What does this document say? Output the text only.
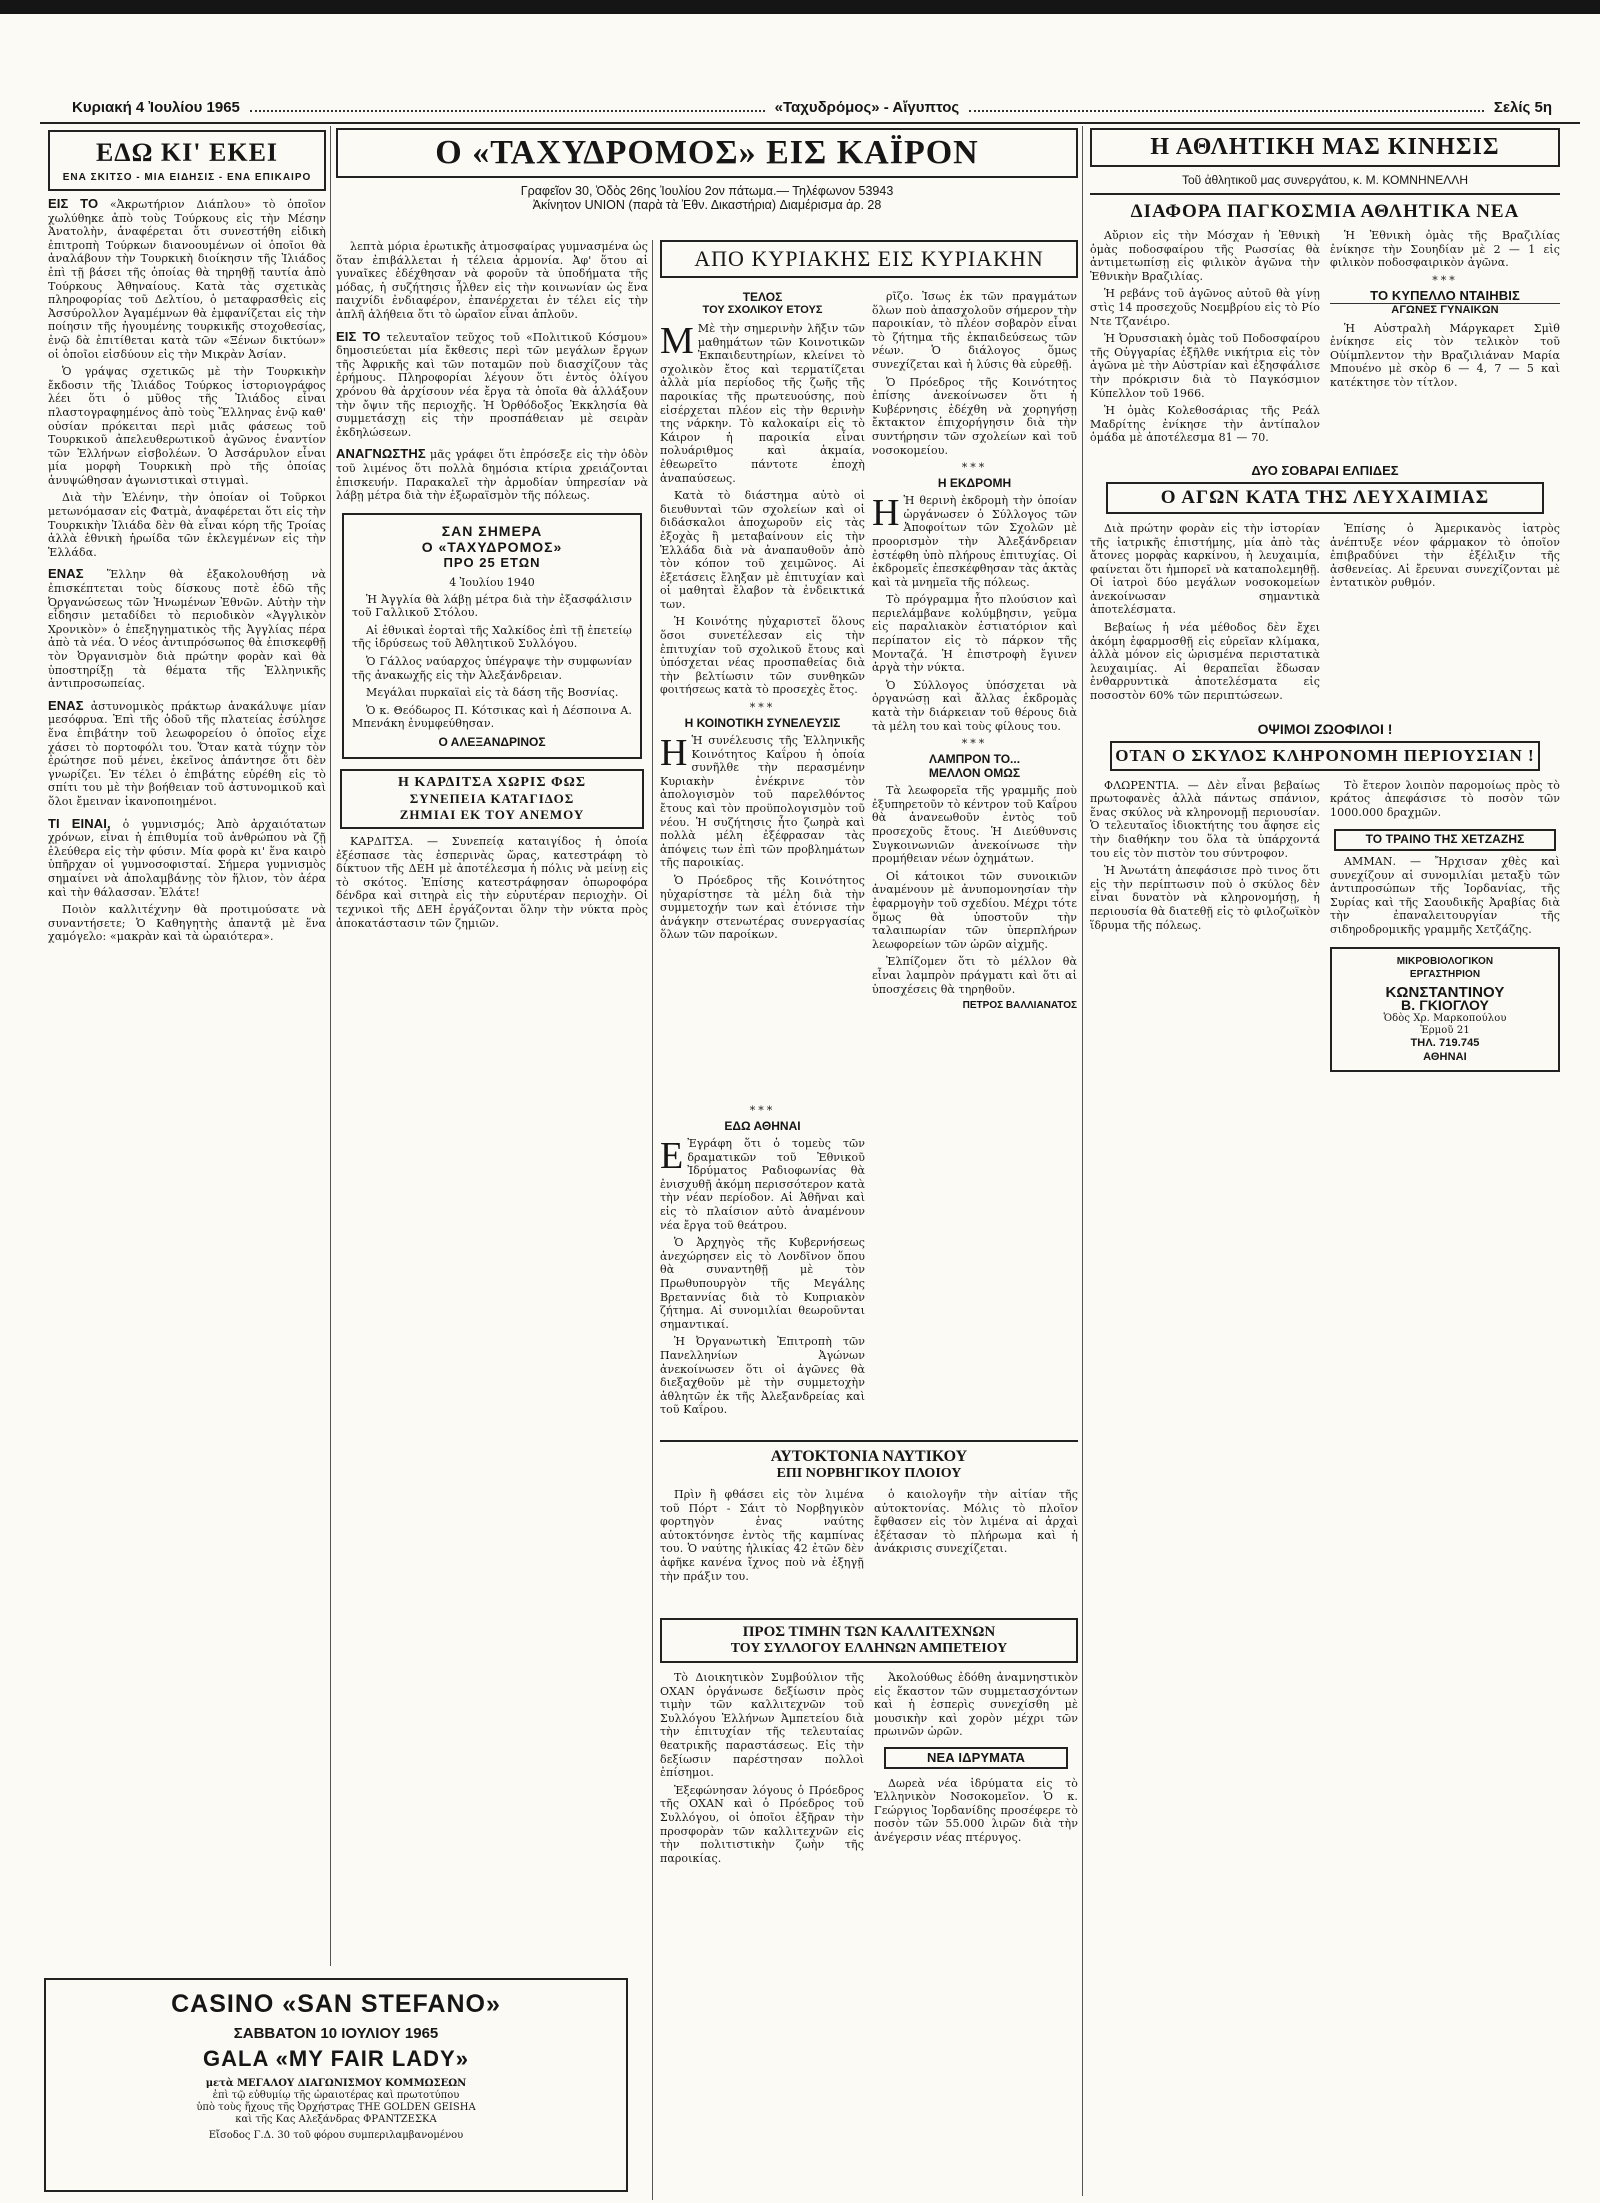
Κυριακή 4 Ἰουλίου 1965	«Ταχυδρόμος» - Αἴγυπτος	Σελίς 5η
ΕΔΩ ΚΙ' ΕΚΕΙ
ΕΝΑ ΣΚΙΤΣΟ - ΜΙΑ ΕΙΔΗΣΙΣ - ΕΝΑ ΕΠΙΚΑΙΡΟ

ΕΙΣ ΤΟ «Ἀκρωτήριον Διάπλου» τὸ ὁποῖον χωλύθηκε ἀπὸ τοὺς Τούρκους εἰς τὴν Μέσην Ἀνατολὴν, ἀναφέρεται ὅτι συνεστήθη εἰδικὴ ἐπιτροπὴ Τούρκων διανοουμένων οἱ ὁποῖοι θὰ ἀναλάβουν τὴν Τουρκικὴ διοίκησιν τῆς Ἰλιάδος ἐπὶ τῇ βάσει τῆς ὁποίας θὰ τηρηθῇ ταυτία ἀπὸ Τούρκους Ἀθηναίους. Κατὰ τὰς σχετικὰς πληροφορίας τοῦ Δελτίου, ὁ μεταφρασθεὶς εἰς Ἀσσύρολλον Ἀγαμέμνων θὰ ἐμφανίζεται εἰς τὴν ποίησιν τῆς ἡγουμένης τουρκικῆς στοχοθεσίας, ἐνῷ δὰ ἐπιτίθεται κατὰ τῶν «Ξένων δικτύων» οἱ ὁποῖοι εἰσδύουν εἰς τὴν Μικρὰν Ἀσίαν.

Ὁ γράψας σχετικῶς μὲ τὴν Τουρκικὴν ἔκδοσιν τῆς Ἰλιάδος Τούρκος ἱστοριογράφος λέει ὅτι ὁ μῦθος τῆς Ἰλιάδος εἶναι πλαστογραφημένος ἀπὸ τοὺς Ἕλληνας ἐνῷ καθ' οὐσίαν πρόκειται περὶ μιᾶς φάσεως τοῦ Τουρκικοῦ ἀπελευθερωτικοῦ ἀγῶνος ἐναντίον τῶν Ἑλλήνων εἰσβολέων. Ὁ Ἀσσάρυλον εἶναι μία μορφὴ Τουρκικὴ πρὸ τῆς ὁποίας ἀνυψώθησαν ἀγωνιστικαὶ στιγμαὶ.

Διὰ τὴν Ἑλένην, τὴν ὁποίαν οἱ Τοῦρκοι μετωνόμασαν εἰς Φατμὰ, ἀναφέρεται ὅτι εἰς τὴν Τουρκικὴν Ἰλιάδα δὲν θὰ εἶναι κόρη τῆς Τροίας ἀλλὰ ἐθνικὴ ἡρωίδα τῶν ἐκλεγμένων εἰς τὴν Ἑλλάδα.

ΕΝΑΣ Ἕλλην θὰ ἐξακολουθήσῃ νὰ ἐπισκέπτεται τοὺς δίσκους ποτὲ ἐδῶ τῆς Ὀργανώσεως τῶν Ἡνωμένων Ἐθνῶν. Αὐτὴν τὴν εἶδησιν μεταδίδει τὸ περιοδικὸν «Ἀγγλικὸν Χρονικὸν» ὁ ἐπεξηγηματικὸς τῆς Ἀγγλίας πέρα ἀπὸ τὰ νέα. Ὁ νέος ἀντιπρόσωπος θὰ ἐπισκεφθῇ τὸν Ὀργανισμὸν διὰ πρώτην φορὰν καὶ θὰ ὑποστηρίξῃ τὰ θέματα τῆς Ἑλληνικῆς ἀντιπροσωπείας.

ΕΝΑΣ ἀστυνομικὸς πράκτωρ ἀνακάλυψε μίαν μεσόφρυα. Ἐπὶ τῆς ὁδοῦ τῆς πλατείας ἐσύλησε ἕνα ἐπιβάτην τοῦ λεωφορείου ὁ ὁποῖος εἶχε χάσει τὸ πορτοφόλι του. Ὅταν κατὰ τύχην τὸν ἐρώτησε ποῦ μένει, ἐκεῖνος ἀπάντησε ὅτι δὲν γνωρίζει. Ἐν τέλει ὁ ἐπιβάτης εὑρέθη εἰς τὸ σπίτι του μὲ τὴν βοήθειαν τοῦ ἀστυνομικοῦ καὶ ὅλοι ἔμειναν ἱκανοποιημένοι.

ΤΙ ΕΙΝΑΙ, ὁ γυμνισμός; Ἀπὸ ἀρχαιότατων χρόνων, εἶναι ἡ ἐπιθυμία τοῦ ἀνθρώπου νὰ ζῇ ἐλεύθερα εἰς τὴν φύσιν. Μία φορὰ κι' ἕνα καιρὸ ὑπῆρχαν οἱ γυμνοσοφισταί. Σήμερα γυμνισμὸς σημαίνει νὰ ἀπολαμβάνῃς τὸν ἥλιον, τὸν ἀέρα καὶ τὴν θάλασσαν. Ἐλάτε!

Ποιὸν καλλιτέχνην θὰ προτιμούσατε νὰ συναντήσετε; Ὁ Καθηγητὴς ἀπαντᾷ μὲ ἕνα χαμόγελο: «μακρὰν καὶ τὰ ὡραιότερα».

CASINO «SAN STEFANO»
ΣΑΒΒΑΤΟΝ 10 ΙΟΥΛΙΟΥ 1965
GALA «MY FAIR LADY»
μετὰ ΜΕΓΑΛΟΥ ΔΙΑΓΩΝΙΣΜΟΥ ΚΟΜΜΩΣΕΩΝ
ἐπὶ τῷ εὐθυμίῳ τῆς ὡραιοτέρας καὶ πρωτοτύπου
ὑπὸ τοὺς ἤχους τῆς Ὀρχήστρας THE GOLDEN GEISHA
καὶ τῆς Κας Αλεξάνδρας ΦΡΑΝΤΖΕΣΚΑ
Εἴσοδος Γ.Δ. 30 τοῦ φόρου συμπεριλαμβανομένου

λεπτὰ μόρια ἐρωτικῆς ἀτμοσφαίρας γυμνασμένα ὡς ὅταν ἐπιβάλλεται ἡ τέλεια ἁρμονία. Ἀφ' ὅτου αἱ γυναῖκες ἐδέχθησαν νὰ φοροῦν τὰ ὑποδήματα τῆς μόδας, ἡ συζήτησις ἦλθεν εἰς τὴν κοινωνίαν ὡς ἕνα παιχνίδι ἐνδιαφέρον, ἐπανέρχεται ἐν τέλει εἰς τὴν ἀπλῆ ἀλήθεια ὅτι τὸ ὡραῖον εἶναι ἁπλοῦν.

ΕΙΣ ΤΟ τελευταῖον τεῦχος τοῦ «Πολιτικοῦ Κόσμου» δημοσιεύεται μία ἔκθεσις περὶ τῶν μεγάλων ἔργων τῆς Ἀφρικῆς καὶ τῶν ποταμῶν ποὺ διασχίζουν τὰς ἐρήμους. Πληροφορίαι λέγουν ὅτι ἐντὸς ὀλίγου χρόνου θὰ ἀρχίσουν νέα ἔργα τὰ ὁποῖα θὰ ἀλλάξουν τὴν ὄψιν τῆς περιοχῆς. Ἡ Ὀρθόδοξος Ἐκκλησία θὰ συμμετάσχῃ εἰς τὴν προσπάθειαν μὲ σειρὰν ἐκδηλώσεων.

ΑΝΑΓΝΩΣΤΗΣ μᾶς γράφει ὅτι ἐπρόσεξε εἰς τὴν ὁδὸν τοῦ λιμένος ὅτι πολλὰ δημόσια κτίρια χρειάζονται ἐπισκευήν. Παρακαλεῖ τὴν ἀρμοδίαν ὑπηρεσίαν νὰ λάβῃ μέτρα διὰ τὴν ἐξωραϊσμὸν τῆς πόλεως.

ΣΑΝ ΣΗΜΕΡΑ
Ο «ΤΑΧΥΔΡΟΜΟΣ»
ΠΡΟ 25 ΕΤΩΝ
4 Ἰουλίου 1940

Ἡ Ἀγγλία θὰ λάβῃ μέτρα διὰ τὴν ἐξασφάλισιν τοῦ Γαλλικοῦ Στόλου.

Αἱ ἐθνικαὶ ἐορταὶ τῆς Χαλκίδος ἐπὶ τῇ ἐπετείῳ τῆς ἱδρύσεως τοῦ Ἀθλητικοῦ Συλλόγου.

Ὁ Γάλλος ναύαρχος ὑπέγραψε τὴν συμφωνίαν τῆς ἀνακωχῆς εἰς τὴν Ἀλεξάνδρειαν.

Μεγάλαι πυρκαϊαὶ εἰς τὰ δάση τῆς Βοσνίας.

Ὁ κ. Θεόδωρος Π. Κότσικας καὶ ἡ Δέσποινα Α. Μπενάκη ἐνυμφεύθησαν.

Ο ΑΛΕΞΑΝΔΡΙΝΟΣ
Η ΚΑΡΔΙΤΣΑ ΧΩΡΙΣ ΦΩΣ
ΣΥΝΕΠΕΙΑ ΚΑΤΑΓΙΔΟΣ
ΖΗΜΙΑΙ ΕΚ ΤΟΥ ΑΝΕΜΟΥ

ΚΑΡΔΙΤΣΑ. — Συνεπείᾳ καταιγίδος ἡ ὁποία ἐξέσπασε τὰς ἐσπερινὰς ὥρας, κατεστράφη τὸ δίκτυον τῆς ΔΕΗ μὲ ἀποτέλεσμα ἡ πόλις νὰ μείνῃ εἰς τὸ σκότος. Ἐπίσης κατεστράφησαν ὁπωροφόρα δένδρα καὶ σιτηρὰ εἰς τὴν εὐρυτέραν περιοχὴν. Οἱ τεχνικοὶ τῆς ΔΕΗ ἐργάζονται ὅλην τὴν νύκτα πρὸς ἀποκατάστασιν τῶν ζημιῶν.

Ο «ΤΑΧΥΔΡΟΜΟΣ» ΕΙΣ ΚΑΪΡΟΝ
Γραφεῖον 30, Ὁδὸς 26ης Ἰουλίου 2ον πάτωμα.— Τηλέφωνον 53943
Ἀκίνητον UNION (παρὰ τὰ Ἐθν. Δικαστήρια) Διαμέρισμα ἀρ. 28
ΑΠΟ ΚΥΡΙΑΚΗΣ ΕΙΣ ΚΥΡΙΑΚΗΝ
ΤΕΛΟΣ
ΤΟΥ ΣΧΟΛΙΚΟΥ ΕΤΟΥΣ

Μ Μὲ τὴν σημερινὴν λῆξιν τῶν μαθημάτων τῶν Κοινοτικῶν Ἐκπαιδευτηρίων, κλείνει τὸ σχολικὸν ἔτος καὶ τερματίζεται ἀλλὰ μία περίοδος τῆς ζωῆς τῆς παροικίας τῆς πρωτευούσης, ποὺ εἰσέρχεται πλέον εἰς τὴν θερινὴν της νάρκην. Τὸ καλοκαίρι εἰς τὸ Κάιρον ἡ παροικία εἶναι πολυάριθμος καὶ ἀκμαία, ἐθεωρεῖτο πάντοτε ἐποχὴ ἀναπαύσεως.

Κατὰ τὸ διάστημα αὐτὸ οἱ διευθυνταὶ τῶν σχολείων καὶ οἱ διδάσκαλοι ἀποχωροῦν εἰς τὰς ἐξοχὰς ἢ μεταβαίνουν εἰς τὴν Ἑλλάδα διὰ νὰ ἀναπαυθοῦν ἀπὸ τὸν κόπον τοῦ χειμῶνος. Αἱ ἐξετάσεις ἔληξαν μὲ ἐπιτυχίαν καὶ οἱ μαθηταὶ ἔλαβον τὰ ἐνδεικτικά των.

Ἡ Κοινότης ηὐχαριστεῖ ὅλους ὅσοι συνετέλεσαν εἰς τὴν ἐπιτυχίαν τοῦ σχολικοῦ ἔτους καὶ ὑπόσχεται νέας προσπαθείας διὰ τὴν βελτίωσιν τῶν συνθηκῶν φοιτήσεως κατὰ τὸ προσεχὲς ἔτος.

***
Η ΚΟΙΝΟΤΙΚΗ ΣΥΝΕΛΕΥΣΙΣ

Η Ἡ συνέλευσις τῆς Ἑλληνικῆς Κοινότητος Καΐρου ἡ ὁποία συνῆλθε τὴν περασμένην Κυριακὴν ἐνέκρινε τὸν ἀπολογισμὸν τοῦ παρελθόντος ἔτους καὶ τὸν προϋπολογισμὸν τοῦ νέου. Ἡ συζήτησις ἦτο ζωηρὰ καὶ πολλὰ μέλη ἐξέφρασαν τὰς ἀπόψεις των ἐπὶ τῶν προβλημάτων τῆς παροικίας.

Ὁ Πρόεδρος τῆς Κοινότητος ηὐχαρίστησε τὰ μέλη διὰ τὴν συμμετοχήν των καὶ ἐτόνισε τὴν ἀνάγκην στενωτέρας συνεργασίας ὅλων τῶν παροίκων.

ρῖζο. Ἰσως ἐκ τῶν πραγμάτων ὅλων ποὺ ἀπασχολοῦν σήμερον τὴν παροικίαν, τὸ πλέον σοβαρὸν εἶναι τὸ ζήτημα τῆς ἐκπαιδεύσεως τῶν νέων. Ὁ διάλογος ὅμως συνεχίζεται καὶ ἡ λύσις θὰ εὑρεθῇ.

Ὁ Πρόεδρος τῆς Κοινότητος ἐπίσης ἀνεκοίνωσεν ὅτι ἡ Κυβέρνησις ἐδέχθη νὰ χορηγήσῃ ἔκτακτον ἐπιχορήγησιν διὰ τὴν συντήρησιν τῶν σχολείων καὶ τοῦ νοσοκομείου.

***
Η ΕΚΔΡΟΜΗ

Η Ἡ θερινὴ ἐκδρομὴ τὴν ὁποίαν ὠργάνωσεν ὁ Σύλλογος τῶν Ἀποφοίτων τῶν Σχολῶν μὲ προορισμὸν τὴν Ἀλεξάνδρειαν ἐστέφθη ὑπὸ πλήρους ἐπιτυχίας. Οἱ ἐκδρομεῖς ἐπεσκέφθησαν τὰς ἀκτὰς καὶ τὰ μνημεῖα τῆς πόλεως.

Τὸ πρόγραμμα ἦτο πλούσιον καὶ περιελάμβανε κολύμβησιν, γεῦμα εἰς παραλιακὸν ἐστιατόριον καὶ περίπατον εἰς τὸ πάρκον τῆς Μονταζά. Ἡ ἐπιστροφὴ ἔγινεν ἀργὰ τὴν νύκτα.

Ὁ Σύλλογος ὑπόσχεται νὰ ὀργανώσῃ καὶ ἄλλας ἐκδρομὰς κατὰ τὴν διάρκειαν τοῦ θέρους διὰ τὰ μέλη του καὶ τοὺς φίλους του.

***
ΛΑΜΠΡΟΝ ΤΟ...
ΜΕΛΛΟΝ ΟΜΩΣ

Τὰ λεωφορεῖα τῆς γραμμῆς ποὺ ἐξυπηρετοῦν τὸ κέντρον τοῦ Καΐρου θὰ ἀνανεωθοῦν ἐντὸς τοῦ προσεχοῦς ἔτους. Ἡ Διεύθυνσις Συγκοινωνιῶν ἀνεκοίνωσε τὴν προμήθειαν νέων ὀχημάτων.

Οἱ κάτοικοι τῶν συνοικιῶν ἀναμένουν μὲ ἀνυπομονησίαν τὴν ἐφαρμογὴν τοῦ σχεδίου. Μέχρι τότε ὅμως θὰ ὑποστοῦν τὴν ταλαιπωρίαν τῶν ὑπερπλήρων λεωφορείων τῶν ὡρῶν αἰχμῆς.

Ἐλπίζομεν ὅτι τὸ μέλλον θὰ εἶναι λαμπρὸν πράγματι καὶ ὅτι αἱ ὑποσχέσεις θὰ τηρηθοῦν.

ΠΕΤΡΟΣ ΒΑΛΛΙΑΝΑΤΟΣ
***
ΕΔΩ ΑΘΗΝΑΙ

Ε Ἐγράφη ὅτι ὁ τομεὺς τῶν δραματικῶν τοῦ Ἐθνικοῦ Ἰδρύματος Ραδιοφωνίας θὰ ἐνισχυθῇ ἀκόμη περισσότερον κατὰ τὴν νέαν περίοδον. Αἱ Ἀθῆναι καὶ εἰς τὸ πλαίσιον αὐτὸ ἀναμένουν νέα ἔργα τοῦ θεάτρου.

Ὁ Ἀρχηγὸς τῆς Κυβερνήσεως ἀνεχώρησεν εἰς τὸ Λονδῖνον ὅπου θὰ συναντηθῇ μὲ τὸν Πρωθυπουργὸν τῆς Μεγάλης Βρεταννίας διὰ τὸ Κυπριακὸν ζήτημα. Αἱ συνομιλίαι θεωροῦνται σημαντικαί.

Ἡ Ὀργανωτικὴ Ἐπιτροπὴ τῶν Πανελληνίων Ἀγώνων ἀνεκοίνωσεν ὅτι οἱ ἀγῶνες θὰ διεξαχθοῦν μὲ τὴν συμμετοχὴν ἀθλητῶν ἐκ τῆς Ἀλεξανδρείας καὶ τοῦ Καΐρου.

ΑΥΤΟΚΤΟΝΙΑ ΝΑΥΤΙΚΟΥ
ΕΠΙ ΝΟΡΒΗΓΙΚΟΥ ΠΛΟΙΟΥ

Πρὶν ἢ φθάσει εἰς τὸν λιμένα τοῦ Πόρτ - Σάιτ τὸ Νορβηγικὸν φορτηγὸν ἐνας ναύτης αὐτοκτόνησε ἐντὸς τῆς καμπίνας του. Ὁ ναύτης ἡλικίας 42 ἐτῶν δὲν ἀφῆκε κανένα ἴχνος ποὺ νὰ ἐξηγῇ τὴν πράξιν του.

ὁ καιολογῆν τὴν αἰτίαν τῆς αὐτοκτονίας. Μόλις τὸ πλοῖον ἔφθασεν εἰς τὸν λιμένα αἱ ἀρχαὶ ἐξέτασαν τὸ πλήρωμα καὶ ἡ ἀνάκρισις συνεχίζεται.

ΠΡΟΣ ΤΙΜΗΝ ΤΩΝ ΚΑΛΛΙΤΕΧΝΩΝ
ΤΟΥ ΣΥΛΛΟΓΟΥ ΕΛΛΗΝΩΝ ΑΜΠΕΤΕΙΟΥ

Τὸ Διοικητικὸν Συμβούλιον τῆς ΟΧΑΝ ὀργάνωσε δεξίωσιν πρὸς τιμὴν τῶν καλλιτεχνῶν τοῦ Συλλόγου Ἑλλήνων Ἀμπετείου διὰ τὴν ἐπιτυχίαν τῆς τελευταίας θεατρικῆς παραστάσεως. Εἰς τὴν δεξίωσιν παρέστησαν πολλοὶ ἐπίσημοι.

Ἐξεφώνησαν λόγους ὁ Πρόεδρος τῆς ΟΧΑΝ καὶ ὁ Πρόεδρος τοῦ Συλλόγου, οἱ ὁποῖοι ἐξῆραν τὴν προσφορὰν τῶν καλλιτεχνῶν εἰς τὴν πολιτιστικὴν ζωὴν τῆς παροικίας.

Ἀκολούθως ἐδόθη ἀναμνηστικὸν εἰς ἕκαστον τῶν συμμετασχόντων καὶ ἡ ἑσπερὶς συνεχίσθη μὲ μουσικὴν καὶ χορὸν μέχρι τῶν πρωινῶν ὡρῶν.

ΝΕΑ ΙΔΡΥΜΑΤΑ

Δωρεὰ νέα ἱδρύματα εἰς τὸ Ἑλληνικὸν Νοσοκομεῖον. Ὁ κ. Γεώργιος Ἰορδανίδης προσέφερε τὸ ποσὸν τῶν 55.000 λιρῶν διὰ τὴν ἀνέγερσιν νέας πτέρυγος.

Η ΑΘΛΗΤΙΚΗ ΜΑΣ ΚΙΝΗΣΙΣ
Τοῦ ἀθλητικοῦ μας συνεργάτου, κ. Μ. ΚΟΜΝΗΝΕΛΛΗ
ΔΙΑΦΟΡΑ ΠΑΓΚΟΣΜΙΑ ΑΘΛΗΤΙΚΑ ΝΕΑ

Αὔριον εἰς τὴν Μόσχαν ἡ Ἐθνικὴ ὁμὰς ποδοσφαίρου τῆς Ρωσσίας θὰ ἀντιμετωπίσῃ εἰς φιλικὸν ἀγῶνα τὴν Ἐθνικὴν Βραζιλίας.

Ἡ ρεβάνς τοῦ ἀγῶνος αὐτοῦ θὰ γίνῃ στὶς 14 προσεχοῦς Νοεμβρίου εἰς τὸ Ρίο Ντε Τζανέιρο.

Ἡ Ὀρυσσιακὴ ὁμὰς τοῦ Ποδοσφαίρου τῆς Οὐγγαρίας ἐξῆλθε νικήτρια εἰς τὸν ἀγῶνα μὲ τὴν Αὐστρίαν καὶ ἐξησφάλισε τὴν πρόκρισιν διὰ τὸ Παγκόσμιον Κύπελλον τοῦ 1966.

Ἡ ὁμὰς Κολεθοσάριας τῆς Ρεάλ Μαδρίτης ἐνίκησε τὴν ἀντίπαλον ὁμάδα μὲ ἀποτέλεσμα 81 — 70.

Ἡ Ἐθνικὴ ὁμὰς τῆς Βραζιλίας ἐνίκησε τὴν Σουηδίαν μὲ 2 — 1 εἰς φιλικὸν ποδοσφαιρικὸν ἀγῶνα.

***
ΤΟ ΚΥΠΕΛΛΟ ΝΤΑΙΗΒΙΣ
ΑΓΩΝΕΣ ΓΥΝΑΙΚΩΝ

Ἡ Αὐστραλὴ Μάργκαρετ Σμὶθ ἐνίκησε εἰς τὸν τελικὸν τοῦ Οὐίμπλεντον τὴν Βραζιλιάναν Μαρία Μπουένο μὲ σκὸρ 6 — 4, 7 — 5 καὶ κατέκτησε τὸν τίτλον.

ΔΥΟ ΣΟΒΑΡΑΙ ΕΛΠΙΔΕΣ
Ο ΑΓΩΝ ΚΑΤΑ ΤΗΣ ΛΕΥΧΑΙΜΙΑΣ

Διὰ πρώτην φορὰν εἰς τὴν ἱστορίαν τῆς ἰατρικῆς ἐπιστήμης, μία ἀπὸ τὰς ἄτονες μορφὰς καρκίνου, ἡ λευχαιμία, φαίνεται ὅτι ἠμπορεῖ νὰ καταπολεμηθῇ. Οἱ ἰατροὶ δύο μεγάλων νοσοκομείων ἀνεκοίνωσαν σημαντικὰ ἀποτελέσματα.

Βεβαίως ἡ νέα μέθοδος δὲν ἔχει ἀκόμη ἐφαρμοσθῇ εἰς εὐρεῖαν κλίμακα, ἀλλὰ μόνον εἰς ὡρισμένα περιστατικὰ λευχαιμίας. Αἱ θεραπεῖαι ἔδωσαν ἐνθαρρυντικὰ ἀποτελέσματα εἰς ποσοστὸν 60% τῶν περιπτώσεων.

Ἐπίσης ὁ Ἀμερικανὸς ἰατρὸς ἀνέπτυξε νέον φάρμακον τὸ ὁποῖον ἐπιβραδύνει τὴν ἐξέλιξιν τῆς ἀσθενείας. Αἱ ἔρευναι συνεχίζονται μὲ ἐντατικὸν ρυθμόν.

ΟΨΙΜΟΙ ΖΩΟΦΙΛΟΙ !
ΟΤΑΝ Ο ΣΚΥΛΟΣ ΚΛΗΡΟΝΟΜΗ ΠΕΡΙΟΥΣΙΑΝ !

ΦΛΩΡΕΝΤΙΑ. — Δὲν εἶναι βεβαίως πρωτοφανὲς ἀλλὰ πάντως σπάνιον, ἕνας σκύλος νὰ κληρονομῇ περιουσίαν. Ὁ τελευταῖος ἰδιοκτήτης του ἄφησε εἰς τὴν διαθήκην του ὅλα τὰ ὑπάρχοντά του εἰς τὸν πιστὸν του σύντροφον.

Ἡ Ἀνωτάτη ἀπεφάσισε πρὸ τινος ὅτι εἰς τὴν περίπτωσιν ποὺ ὁ σκύλος δὲν εἶναι δυνατὸν νὰ κληρονομήσῃ, ἡ περιουσία θὰ διατεθῇ εἰς τὸ φιλοζωϊκὸν ἵδρυμα τῆς πόλεως.

Τὸ ἔτερον λοιπὸν παρομοίως πρὸς τὸ κράτος ἀπεφάσισε τὸ ποσὸν τῶν 1000.000 δραχμῶν.

ΤΟ ΤΡΑΙΝΟ ΤΗΣ ΧΕΤΖΑΖΗΣ

ΑΜΜΑΝ. — Ἤρχισαν χθὲς καὶ συνεχίζουν αἱ συνομιλίαι μεταξὺ τῶν ἀντιπροσώπων τῆς Ἰορδανίας, τῆς Συρίας καὶ τῆς Σαουδικῆς Ἀραβίας διὰ τὴν ἐπαναλειτουργίαν τῆς σιδηροδρομικῆς γραμμῆς Χετζάζης.

ΜΙΚΡΟΒΙΟΛΟΓΙΚΟΝ
ΕΡΓΑΣΤΗΡΙΟΝ
ΚΩΝΣΤΑΝΤΙΝΟΥ
Β. ΓΚΙΟΓΛΟΥ
Ὁδὸς Χρ. Μαρκοπούλου
Ἑρμοῦ 21
ΤΗΛ. 719.745
ΑΘΗΝΑΙ
